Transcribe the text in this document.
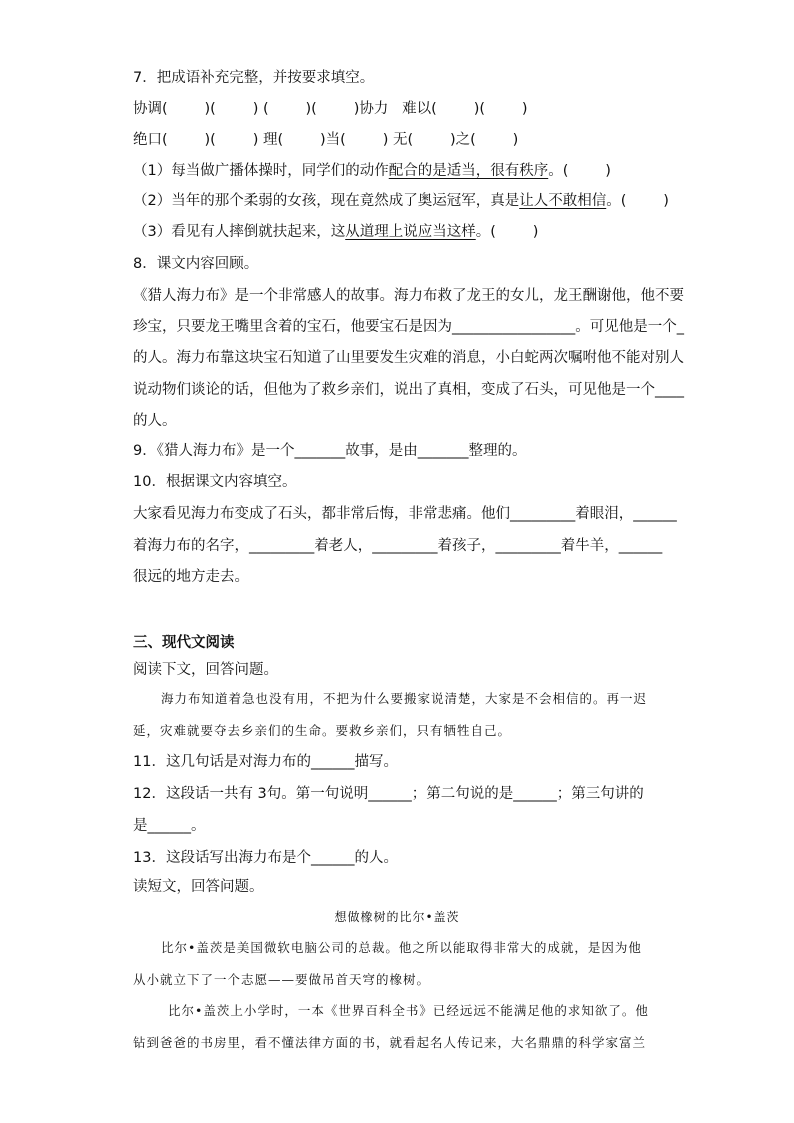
7．把成语补充完整，并按要求填空。
协调(        )(        ) (        )(        )协力   难以(        )(        )
绝口(        )(        ) 理(        )当(        ) 无(        )之(        )
（1）每当做广播体操时，同学们的动作配合的是适当，很有秩序。(        )
（2）当年的那个柔弱的女孩，现在竟然成了奥运冠军，真是让人不敢相信。(        )
（3）看见有人摔倒就扶起来，这从道理上说应当这样。(        )
8．课文内容回顾。
《猎人海力布》是一个非常感人的故事。海力布救了龙王的女儿，龙王酬谢他，他不要
珍宝，只要龙王嘴里含着的宝石，他要宝石是因为_________________。可见他是一个_
的人。海力布靠这块宝石知道了山里要发生灾难的消息，小白蛇两次嘱咐他不能对别人
说动物们谈论的话，但他为了救乡亲们，说出了真相，变成了石头，可见他是一个____
的人。
9．《猎人海力布》是一个_______故事，是由_______整理的。
10．根据课文内容填空。
大家看见海力布变成了石头，都非常后悔，非常悲痛。他们_________着眼泪，______
着海力布的名字，_________着老人，_________着孩子，_________着牛羊，______
很远的地方走去。
三、现代文阅读
阅读下文，回答问题。
海力布知道着急也没有用，不把为什么要搬家说清楚，大家是不会相信的。再一迟
延，灾难就要夺去乡亲们的生命。要救乡亲们，只有牺牲自己。
11．这几句话是对海力布的______描写。
12．这段话一共有 3句。第一句说明______；第二句说的是______；第三句讲的
是______。
13．这段话写出海力布是个______的人。
读短文，回答问题。
想做橡树的比尔•盖茨
比尔•盖茨是美国微软电脑公司的总裁。他之所以能取得非常大的成就，是因为他
从小就立下了一个志愿——要做吊首天穹的橡树。
比尔•盖茨上小学时，一本《世界百科全书》已经远远不能满足他的求知欲了。他
钻到爸爸的书房里，看不懂法律方面的书，就看起名人传记来，大名鼎鼎的科学家富兰
